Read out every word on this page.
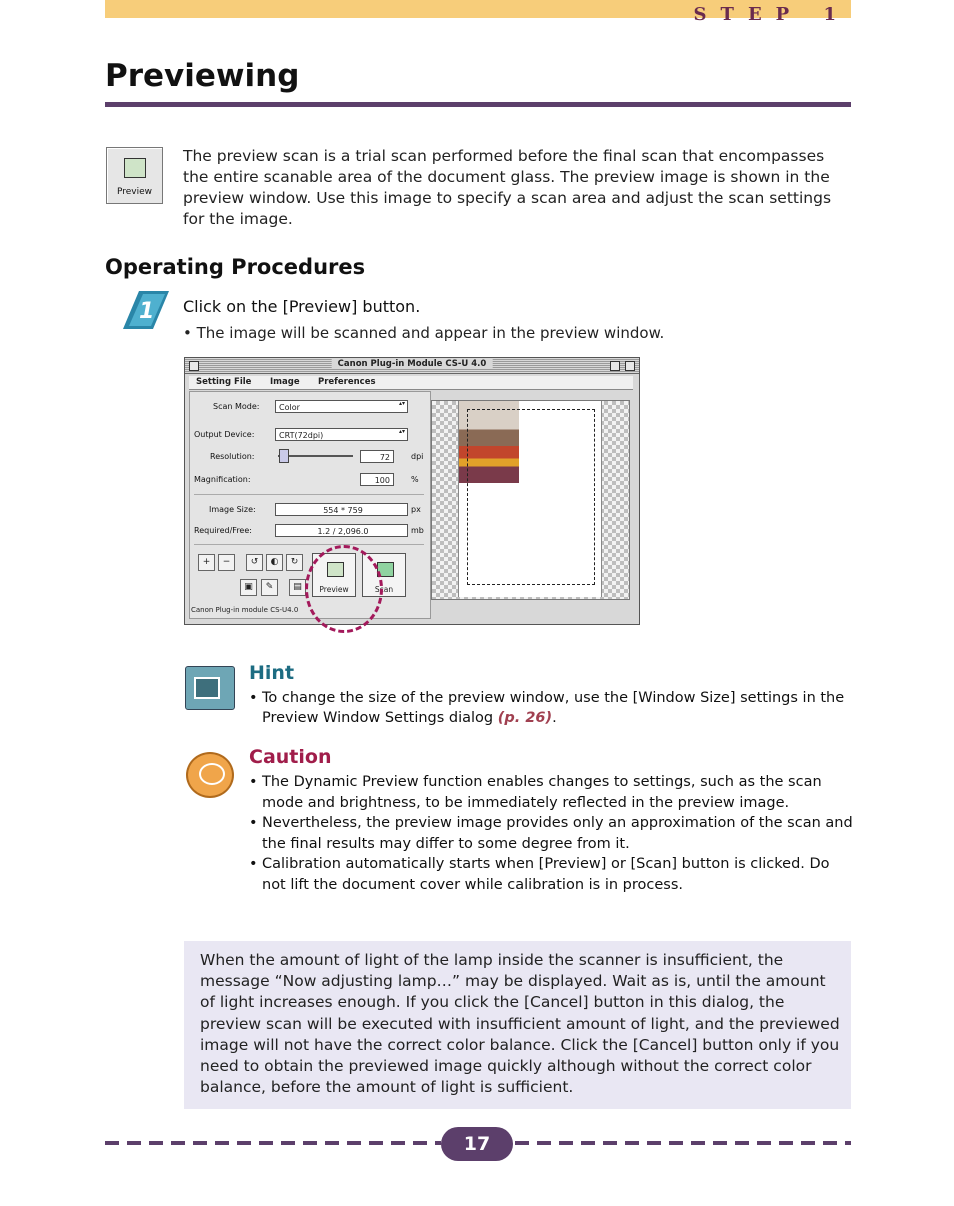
STEP 1
Previewing
Preview
The preview scan is a trial scan performed before the final scan that encompasses the entire scanable area of the document glass. The preview image is shown in the preview window. Use this image to specify a scan area and adjust the scan settings for the image.
Operating Procedures
1 Click on the [Preview] button.
• The image will be scanned and appear in the preview window.
Canon Plug-in Module CS-U 4.0
Setting File Image Preferences
Scan Mode:	Color ▴▾
Output Device:	CRT(72dpi) ▴▾
Resolution:	72	dpi
Magnification:	100	%
Image Size:	554 * 759	px
Required/Free:	1.2 / 2,096.0	mb
+	−	↺	◐	↻
▣	✎	▤	Preview	Scan
Canon Plug-in module CS-U4.0
Hint
• To change the size of the preview window, use the [Window Size] settings in the Preview Window Settings dialog (p. 26).
Caution
• The Dynamic Preview function enables changes to settings, such as the scan mode and brightness, to be immediately reflected in the preview image.
• Nevertheless, the preview image provides only an approximation of the scan and the final results may differ to some degree from it.
• Calibration automatically starts when [Preview] or [Scan] button is clicked. Do not lift the document cover while calibration is in process.

When the amount of light of the lamp inside the scanner is insufficient, the message “Now adjusting lamp…” may be displayed. Wait as is, until the amount of light increases enough. If you click the [Cancel] button in this dialog, the preview scan will be executed with insufficient amount of light, and the previewed image will not have the correct color balance. Click the [Cancel] button only if you need to obtain the previewed image quickly although without the correct color balance, before the amount of light is sufficient.

17
